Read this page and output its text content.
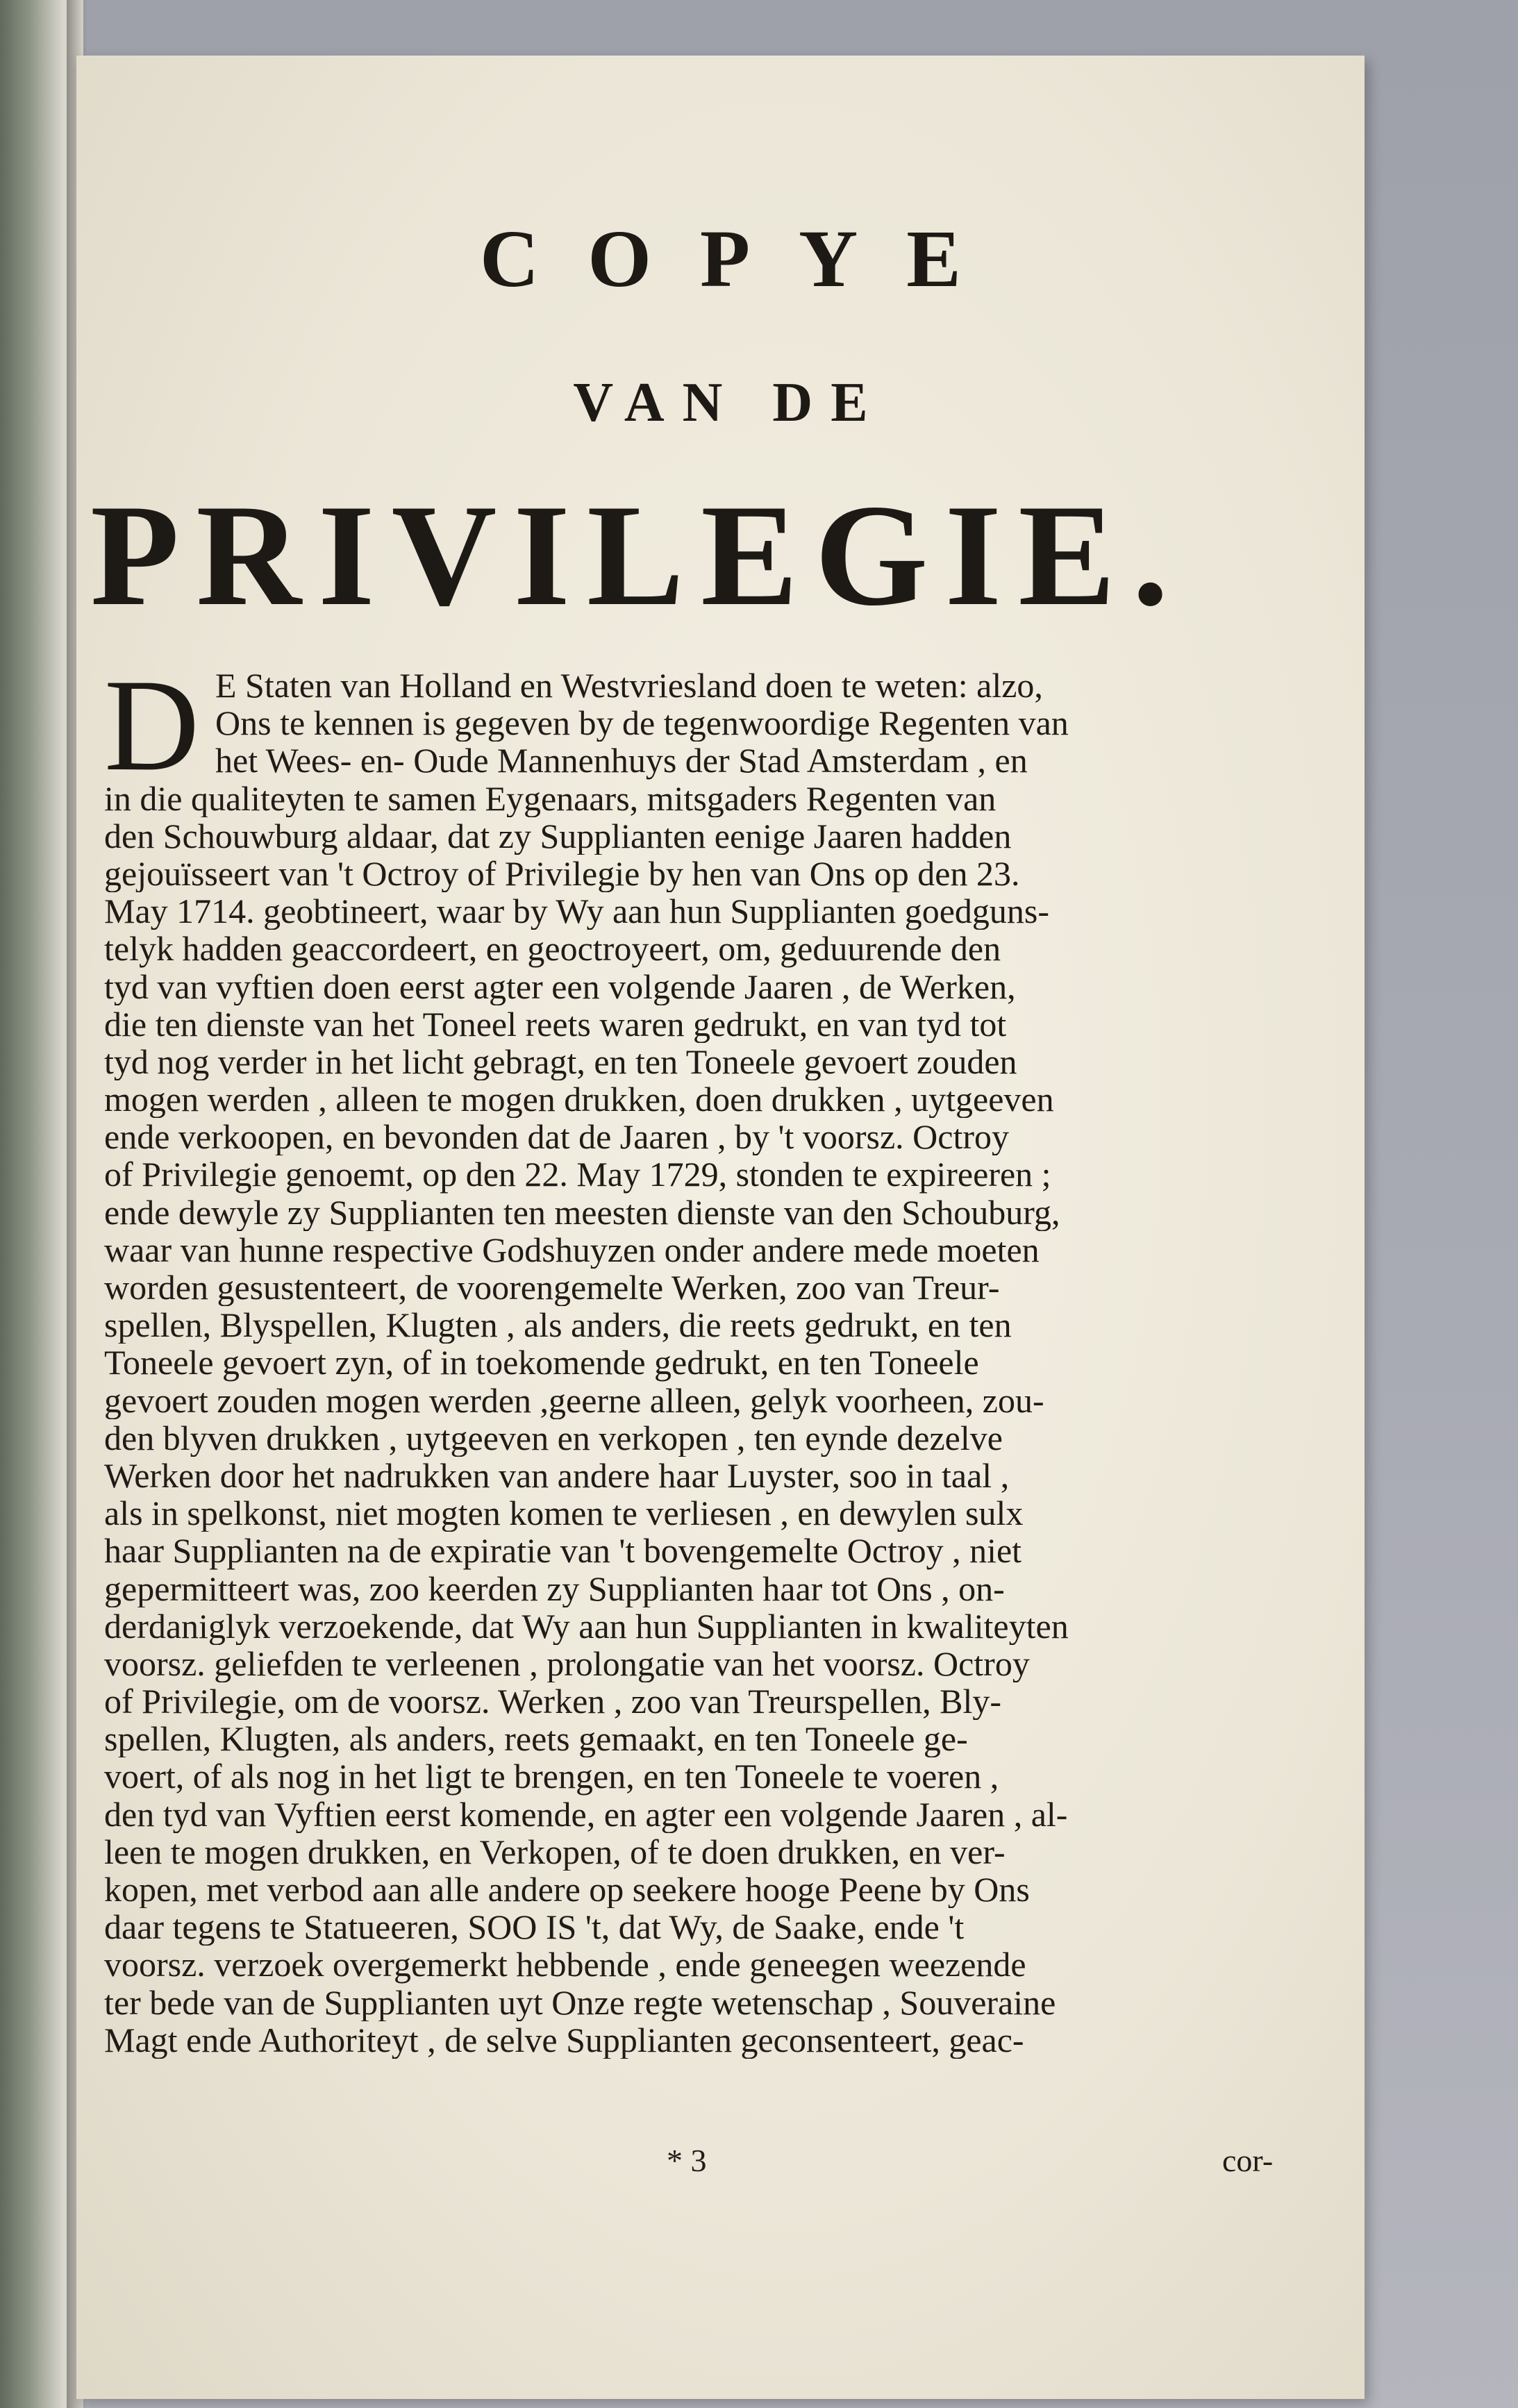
COPYE
VAN DE
PRIVILEGIE.
D E Staten van Holland en Westvriesland doen te weten: alzo,
Ons te kennen is gegeven by de tegenwoordige Regenten van
het Wees- en- Oude Mannenhuys der Stad Amsterdam , en
in die qualiteyten te samen Eygenaars, mitsgaders Regenten van
den Schouwburg aldaar, dat zy Supplianten eenige Jaaren hadden
gejouïsseert van 't Octroy of Privilegie by hen van Ons op den 23.
May 1714. geobtineert, waar by Wy aan hun Supplianten goedguns-
telyk hadden geaccordeert, en geoctroyeert, om, geduurende den
tyd van vyftien doen eerst agter een volgende Jaaren , de Werken,
die ten dienste van het Toneel reets waren gedrukt, en van tyd tot
tyd nog verder in het licht gebragt, en ten Toneele gevoert zouden
mogen werden , alleen te mogen drukken, doen drukken , uytgeeven
ende verkoopen, en bevonden dat de Jaaren , by 't voorsz. Octroy
of Privilegie genoemt, op den 22. May 1729, stonden te expireeren ;
ende dewyle zy Supplianten ten meesten dienste van den Schouburg,
waar van hunne respective Godshuyzen onder andere mede moeten
worden gesustenteert, de voorengemelte Werken, zoo van Treur-
spellen, Blyspellen, Klugten , als anders, die reets gedrukt, en ten
Toneele gevoert zyn, of in toekomende gedrukt, en ten Toneele
gevoert zouden mogen werden ,geerne alleen, gelyk voorheen, zou-
den blyven drukken , uytgeeven en verkopen , ten eynde dezelve
Werken door het nadrukken van andere haar Luyster, soo in taal ,
als in spelkonst, niet mogten komen te verliesen , en dewylen sulx
haar Supplianten na de expiratie van 't bovengemelte Octroy , niet
gepermitteert was, zoo keerden zy Supplianten haar tot Ons , on-
derdaniglyk verzoekende, dat Wy aan hun Supplianten in kwaliteyten
voorsz. geliefden te verleenen , prolongatie van het voorsz. Octroy
of Privilegie, om de voorsz. Werken , zoo van Treurspellen, Bly-
spellen, Klugten, als anders, reets gemaakt, en ten Toneele ge-
voert, of als nog in het ligt te brengen, en ten Toneele te voeren ,
den tyd van Vyftien eerst komende, en agter een volgende Jaaren , al-
leen te mogen drukken, en Verkopen, of te doen drukken, en ver-
kopen, met verbod aan alle andere op seekere hooge Peene by Ons
daar tegens te Statueeren, SOO IS 't, dat Wy, de Saake, ende 't
voorsz. verzoek overgemerkt hebbende , ende geneegen weezende
ter bede van de Supplianten uyt Onze regte wetenschap , Souveraine
Magt ende Authoriteyt , de selve Supplianten geconsenteert, geac-
* 3	cor-
